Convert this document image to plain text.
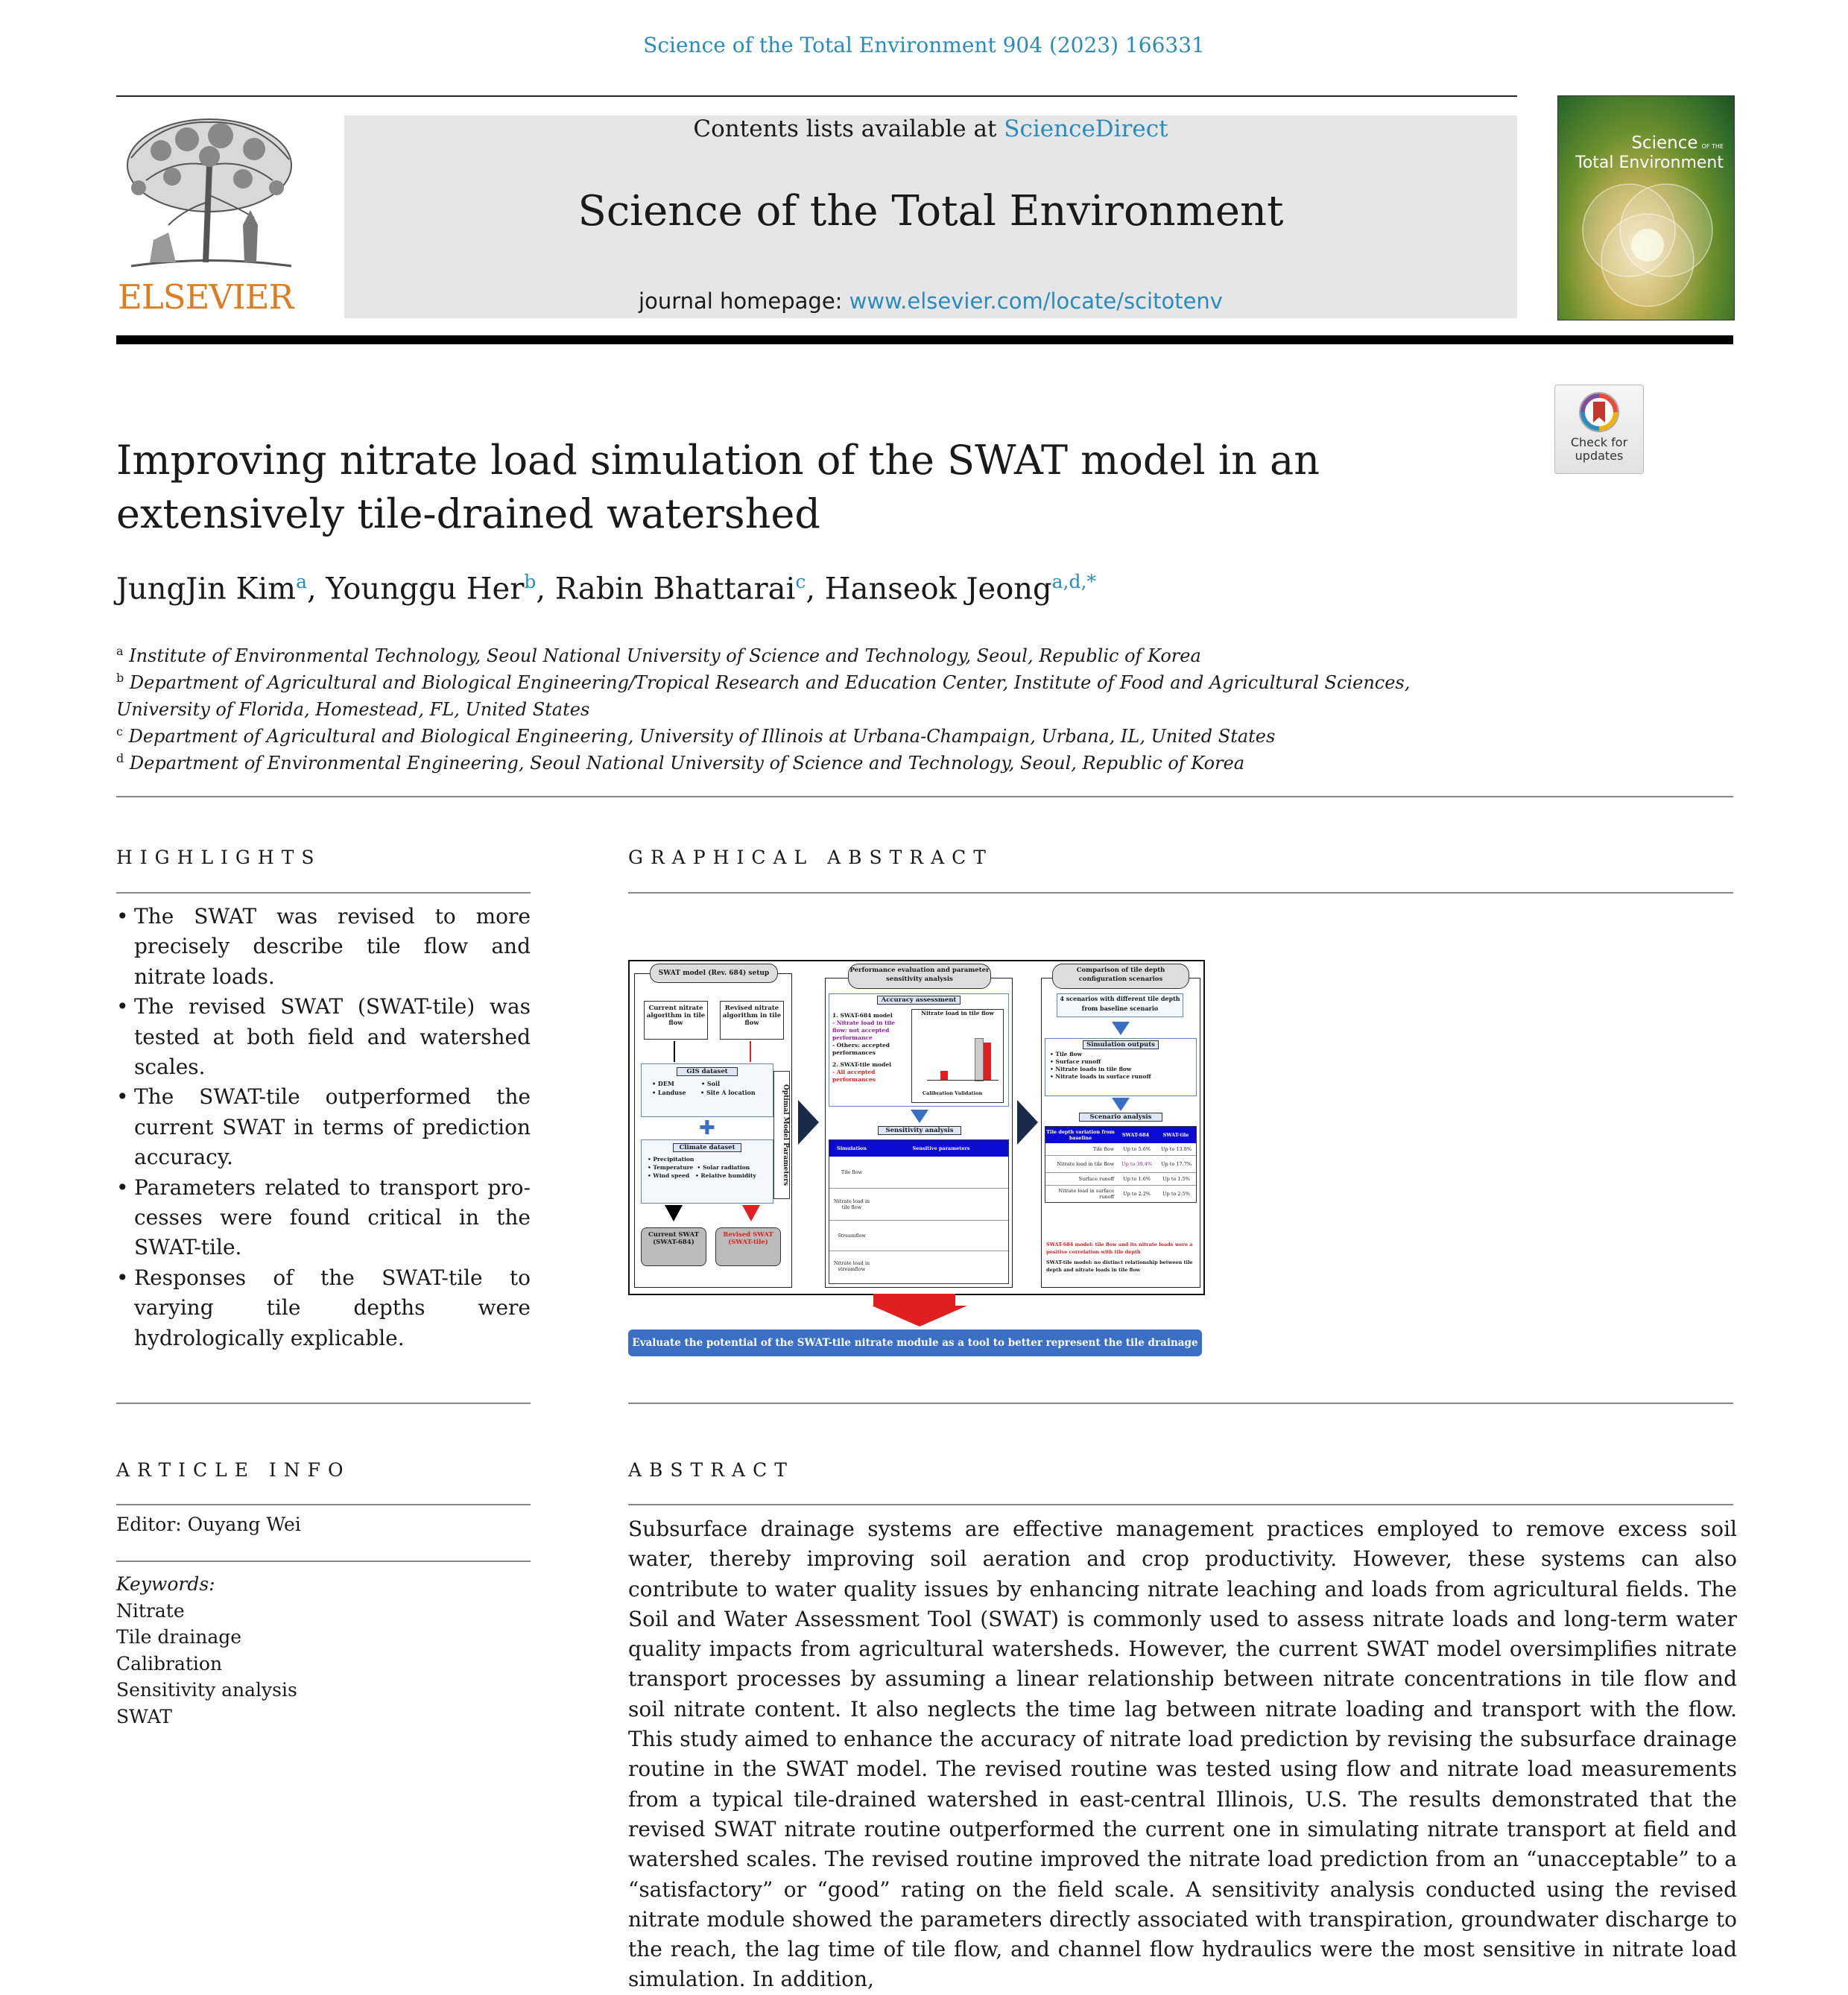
Science of the Total Environment 904 (2023) 166331
ELSEVIER
Contents lists available at ScienceDirect
Science of the Total Environment
journal homepage: www.elsevier.com/locate/scitotenv
Science OF THE
Total Environment
Check for updates
Improving nitrate load simulation of the SWAT model in an extensively tile-drained watershed
JungJin Kim$^a$, Younggu Her$^b$, Rabin Bhattarai$^c$, Hanseok Jeong$^{a,d,*}$
$^a$ Institute of Environmental Technology, Seoul National University of Science and Technology, Seoul, Republic of Korea
$^b$ Department of Agricultural and Biological Engineering/Tropical Research and Education Center, Institute of Food and Agricultural Sciences, University of Florida, Homestead, FL, United States
$^c$ Department of Agricultural and Biological Engineering, University of Illinois at Urbana-Champaign, Urbana, IL, United States
$^d$ Department of Environmental Engineering, Seoul National University of Science and Technology, Seoul, Republic of Korea
HIGHLIGHTS
• The SWAT was revised to more precisely describe tile flow and nitrate loads.
• The revised SWAT (SWAT-tile) was tested at both field and watershed scales.
• The SWAT-tile outperformed the current SWAT in terms of prediction accuracy.
• Parameters related to transport processes were found critical in the SWAT-tile.
• Responses of the SWAT-tile to varying tile depths were hydrologically explicable.
GRAPHICAL ABSTRACT
SWAT model (Rev. 684) setup
Current nitrate algorithm in tile flow
Revised nitrate algorithm in tile flow
GIS dataset
• DEM             • Soil
• Landuse       • Site A location
✚
Climate dataset
• Precipitation
• Temperature  • Solar radiation
• Wind speed   • Relative humidity	Optimal Model Parameters
Current SWAT (SWAT-684)
Revised SWAT (SWAT-tile)
Performance evaluation and parameter sensitivity analysis
Accuracy assessment
1. SWAT-684 model
- Nitrate load in tile flow: not accepted performance
- Others: accepted performances
2. SWAT-tile model
- All accepted performances
Nitrate load in tile flow
Calibration Validation
Sensitivity analysis
Simulation	Sensitive parameters
Tile flow
Nitrate load in tile flow
Streamflow
Nitrate load in streamflow
Comparison of tile depth configuration scenarios
4 scenarios with different tile depth from baseline scenario
Simulation outputs
• Tile flow
• Surface runoff
• Nitrate loads in tile flow
• Nitrate loads in surface runoff
Scenario analysis
Tile depth variation from baseline	SWAT-684	SWAT-tile
Tile flow	Up to 5.6%	Up to 13.8%
Nitrate load in tile flow	Up to 39.4%	Up to 17.7%
Surface runoff	Up to 1.6%	Up to 1.5%
Nitrate load in surface runoff	Up to 2.2%	Up to 2.5%
SWAT-684 model: tile flow and its nitrate loads were a positive correlation with tile depth
SWAT-tile model: no distinct relationship between tile depth and nitrate loads in tile flow
Evaluate the potential of the SWAT-tile nitrate module as a tool to better represent the tile drainage system
ARTICLE INFO
Editor: Ouyang Wei
Keywords:
Nitrate
Tile drainage
Calibration
Sensitivity analysis
SWAT
ABSTRACT
Subsurface drainage systems are effective management practices employed to remove excess soil water, thereby improving soil aeration and crop productivity. However, these systems can also contribute to water quality issues by enhancing nitrate leaching and loads from agricultural fields. The Soil and Water Assessment Tool (SWAT) is commonly used to assess nitrate loads and long-term water quality impacts from agricultural watersheds. However, the current SWAT model oversimplifies nitrate transport processes by assuming a linear relationship between nitrate concentrations in tile flow and soil nitrate content. It also neglects the time lag between nitrate loading and transport with the flow. This study aimed to enhance the accuracy of nitrate load prediction by revising the subsurface drainage routine in the SWAT model. The revised routine was tested using flow and nitrate load measurements from a typical tile-drained watershed in east-central Illinois, U.S. The results demonstrated that the revised SWAT nitrate routine outperformed the current one in simulating nitrate transport at field and watershed scales. The revised routine improved the nitrate load prediction from an “unacceptable” to a “satisfactory” or “good” rating on the field scale. A sensitivity analysis conducted using the revised nitrate module showed the parameters directly associated with transpiration, groundwater discharge to the reach, the lag time of tile flow, and channel flow hydraulics were the most sensitive in nitrate load simulation. In addition,
